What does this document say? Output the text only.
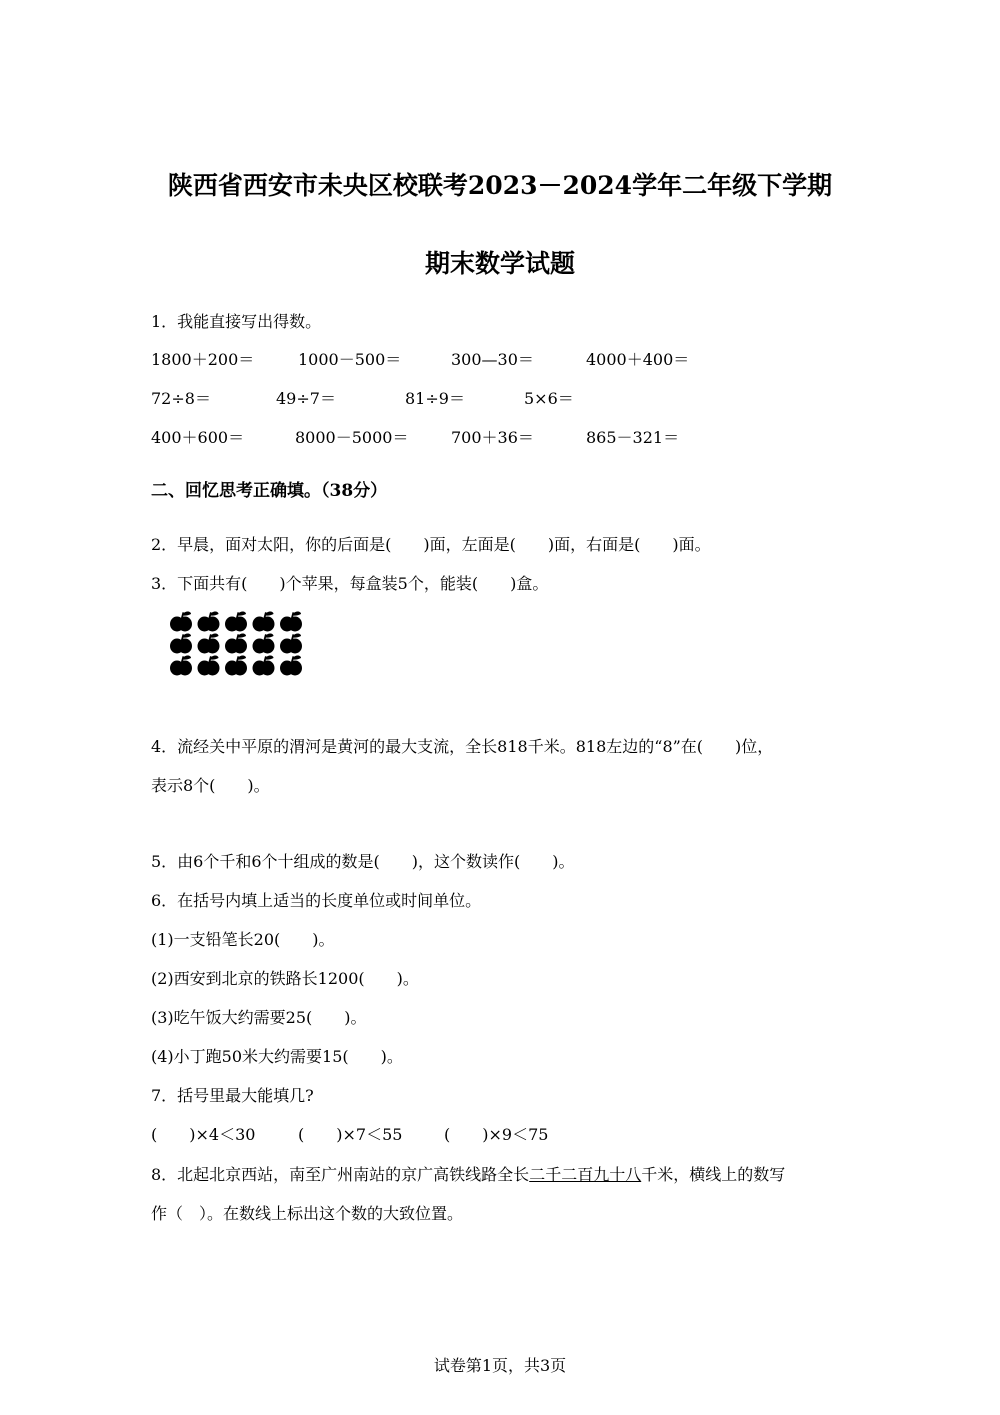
陕西省西安市未央区校联考2023－2024学年二年级下学期
期末数学试题
1．我能直接写出得数。
1800＋200＝	1000－500＝	300—30＝	4000＋400＝
72÷8＝	49÷7＝	81÷9＝	5×6＝
400＋600＝	8000－5000＝	700＋36＝	865－321＝
二、回忆思考正确填。（38分）
2．早晨，面对太阳，你的后面是(　　)面，左面是(　　)面，右面是(　　)面。
3．下面共有(　　)个苹果，每盒装5个，能装(　　)盒。
4．流经关中平原的渭河是黄河的最大支流，全长818千米。818左边的“8”在(　　)位，
表示8个(　　)。
5．由6个千和6个十组成的数是(　　)，这个数读作(　　)。
6．在括号内填上适当的长度单位或时间单位。
(1)一支铅笔长20(　　)。
(2)西安到北京的铁路长1200(　　)。
(3)吃午饭大约需要25(　　)。
(4)小丁跑50米大约需要15(　　)。
7．括号里最大能填几?
(　　)×4＜30	(　　)×7＜55	(　　)×9＜75
8．北起北京西站，南至广州南站的京广高铁线路全长二千二百九十八千米，横线上的数写
作（　）。在数线上标出这个数的大致位置。
试卷第1页，共3页
